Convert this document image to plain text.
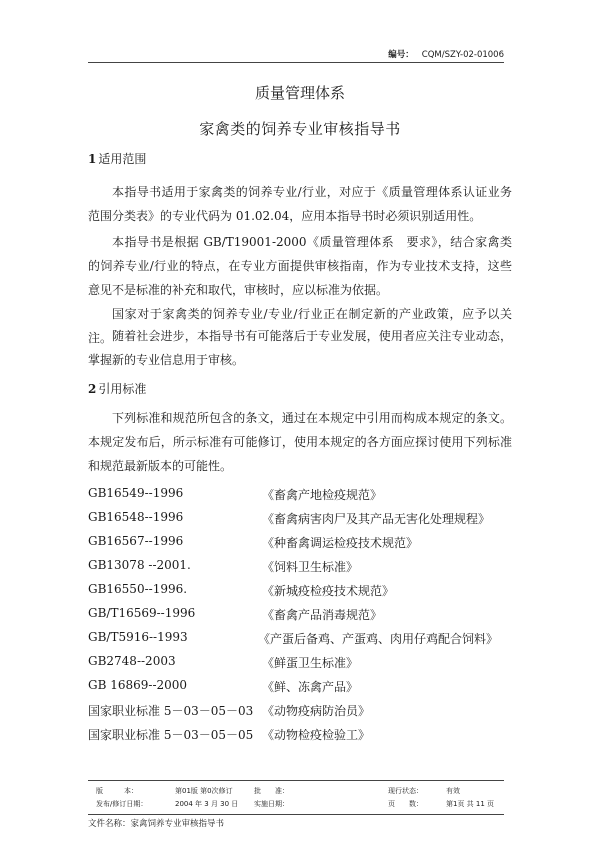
编号： CQM/SZY-02-01006
质量管理体系
家禽类的饲养专业审核指导书
1 适用范围
本指导书适用于家禽类的饲养专业/行业，对应于《质量管理体系认证业务范围分类表》的专业代码为 01.02.04，应用本指导书时必须识别适用性。
本指导书是根据 GB/T19001-2000《质量管理体系　要求》，结合家禽类的饲养专业/行业的特点，在专业方面提供审核指南，作为专业技术支持，这些意见不是标准的补充和取代，审核时，应以标准为依据。
国家对于家禽类的饲养专业/专业/行业正在制定新的产业政策，应予以关注。 随着社会进步，本指导书有可能落后于专业发展，使用者应关注专业动态，掌握新的专业信息用于审核。
2 引用标准
下列标准和规范所包含的条文，通过在本规定中引用而构成本规定的条文。本规定发布后，所示标准有可能修订，使用本规定的各方面应探讨使用下列标准和规范最新版本的可能性。
GB16549--1996	《畜禽产地检疫规范》
GB16548--1996	《畜禽病害肉尸及其产品无害化处理规程》
GB16567--1996	《种畜禽调运检疫技术规范》
GB13078 --2001.	《饲料卫生标准》
GB16550--1996.	《新城疫检疫技术规范》
GB/T16569--1996	《畜禽产品消毒规范》
GB/T5916--1993	《产蛋后备鸡、产蛋鸡、肉用仔鸡配合饲料》
GB2748--2003	《鲜蛋卫生标准》
GB 16869--2000	《鲜、冻禽产品》
国家职业标准 5－03－05－03 《动物疫病防治员》
国家职业标准 5－03－05－05 《动物检疫检验工》
版　　　本：	第01版 第0次修订	批　　准：	现行状态：	有效
发布/修订日期：	2004 年 3 月 30 日 实施日期：	页　　数：	第1页 共 11 页
文件名称：家禽饲养专业审核指导书
